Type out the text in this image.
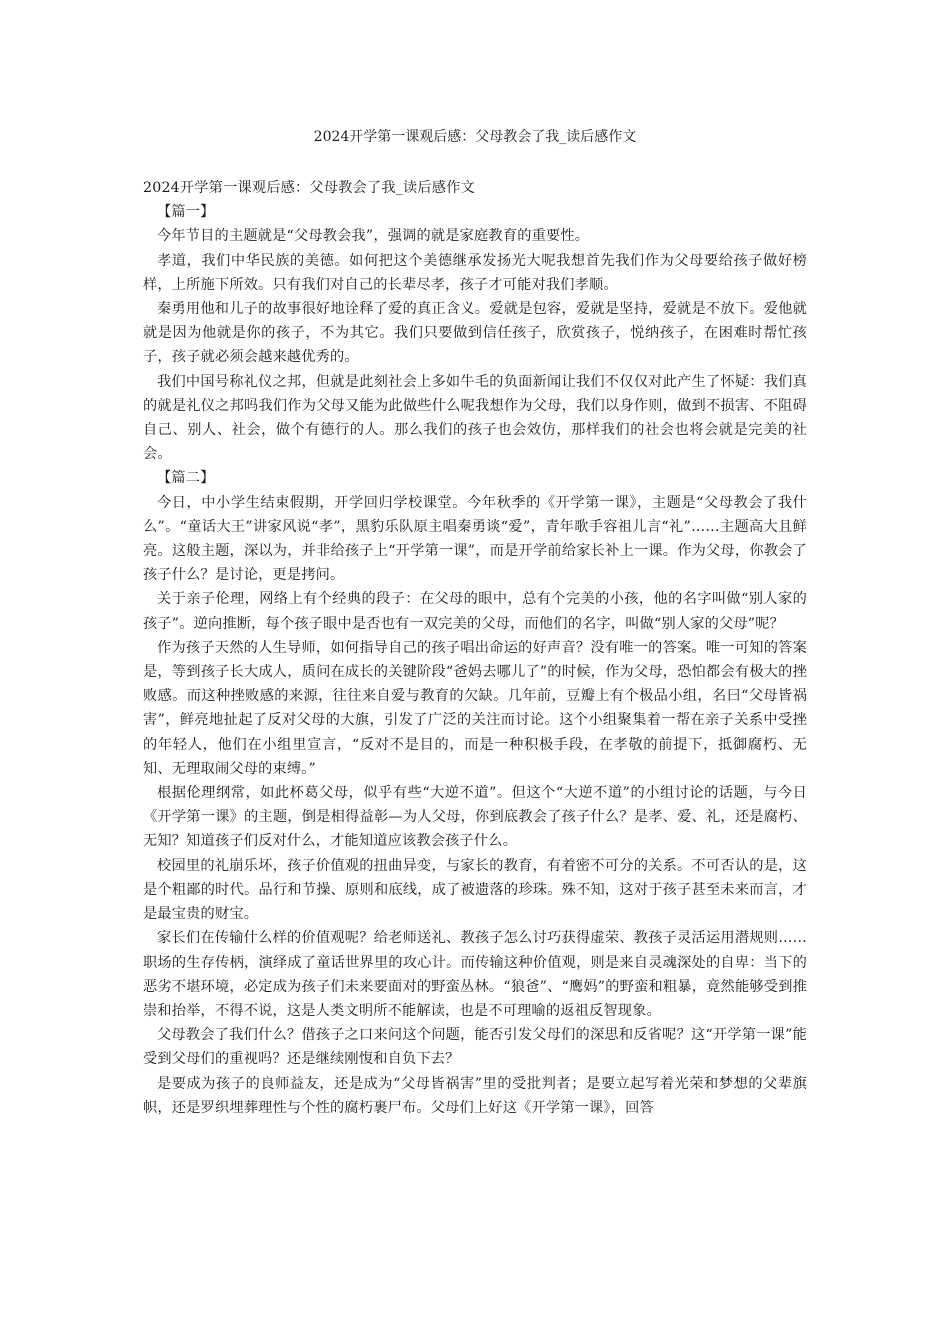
2024开学第一课观后感：父母教会了我_读后感作文

2024开学第一课观后感：父母教会了我_读后感作文

【篇一】

今年节目的主题就是“父母教会我”，强调的就是家庭教育的重要性。

孝道，我们中华民族的美德。如何把这个美德继承发扬光大呢我想首先我们作为父母要给孩子做好榜样，上所施下所效。只有我们对自己的长辈尽孝，孩子才可能对我们孝顺。

秦勇用他和儿子的故事很好地诠释了爱的真正含义。爱就是包容，爱就是坚持，爱就是不放下。爱他就就是因为他就是你的孩子，不为其它。我们只要做到信任孩子，欣赏孩子，悦纳孩子，在困难时帮忙孩子，孩子就必须会越来越优秀的。

我们中国号称礼仪之邦，但就是此刻社会上多如牛毛的负面新闻让我们不仅仅对此产生了怀疑：我们真的就是礼仪之邦吗我们作为父母又能为此做些什么呢我想作为父母，我们以身作则，做到不损害、不阻碍自己、别人、社会，做个有德行的人。那么我们的孩子也会效仿，那样我们的社会也将会就是完美的社会。

【篇二】

今日，中小学生结束假期，开学回归学校课堂。今年秋季的《开学第一课》，主题是“父母教会了我什么”。“童话大王”讲家风说“孝”，黑豹乐队原主唱秦勇谈“爱”，青年歌手容祖儿言“礼”……主题高大且鲜亮。这般主题，深以为，并非给孩子上“开学第一课”，而是开学前给家长补上一课。作为父母，你教会了孩子什么？是讨论，更是拷问。

关于亲子伦理，网络上有个经典的段子：在父母的眼中，总有个完美的小孩，他的名字叫做“别人家的孩子”。逆向推断，每个孩子眼中是否也有一双完美的父母，而他们的名字，叫做“别人家的父母”呢？

作为孩子天然的人生导师，如何指导自己的孩子唱出命运的好声音？没有唯一的答案。唯一可知的答案是，等到孩子长大成人，质问在成长的关键阶段“爸妈去哪儿了”的时候，作为父母，恐怕都会有极大的挫败感。而这种挫败感的来源，往往来自爱与教育的欠缺。几年前，豆瓣上有个极品小组，名曰“父母皆祸害”，鲜亮地扯起了反对父母的大旗，引发了广泛的关注而讨论。这个小组聚集着一帮在亲子关系中受挫的年轻人，他们在小组里宣言，“反对不是目的，而是一种积极手段，在孝敬的前提下，抵御腐朽、无知、无理取闹父母的束缚。”

根据伦理纲常，如此杯葛父母，似乎有些“大逆不道”。但这个“大逆不道”的小组讨论的话题，与今日《开学第一课》的主题，倒是相得益彰—为人父母，你到底教会了孩子什么？是孝、爱、礼，还是腐朽、无知？知道孩子们反对什么，才能知道应该教会孩子什么。

校园里的礼崩乐坏，孩子价值观的扭曲异变，与家长的教育，有着密不可分的关系。不可否认的是，这是个粗鄙的时代。品行和节操、原则和底线，成了被遗落的珍珠。殊不知，这对于孩子甚至未来而言，才是最宝贵的财宝。

家长们在传输什么样的价值观呢？给老师送礼、教孩子怎么讨巧获得虚荣、教孩子灵活运用潜规则……职场的生存传柄，演绎成了童话世界里的攻心计。而传输这种价值观，则是来自灵魂深处的自卑：当下的恶劣不堪环境，必定成为孩子们未来要面对的野蛮丛林。“狼爸”、“鹰妈”的野蛮和粗暴，竟然能够受到推崇和抬举，不得不说，这是人类文明所不能解读，也是不可理喻的返祖反智现象。

父母教会了我们什么？借孩子之口来问这个问题，能否引发父母们的深思和反省呢？这“开学第一课”能受到父母们的重视吗？还是继续刚愎和自负下去？

是要成为孩子的良师益友，还是成为“父母皆祸害”里的受批判者；是要立起写着光荣和梦想的父辈旗帜，还是罗织埋葬理性与个性的腐朽裹尸布。父母们上好这《开学第一课》，回答
